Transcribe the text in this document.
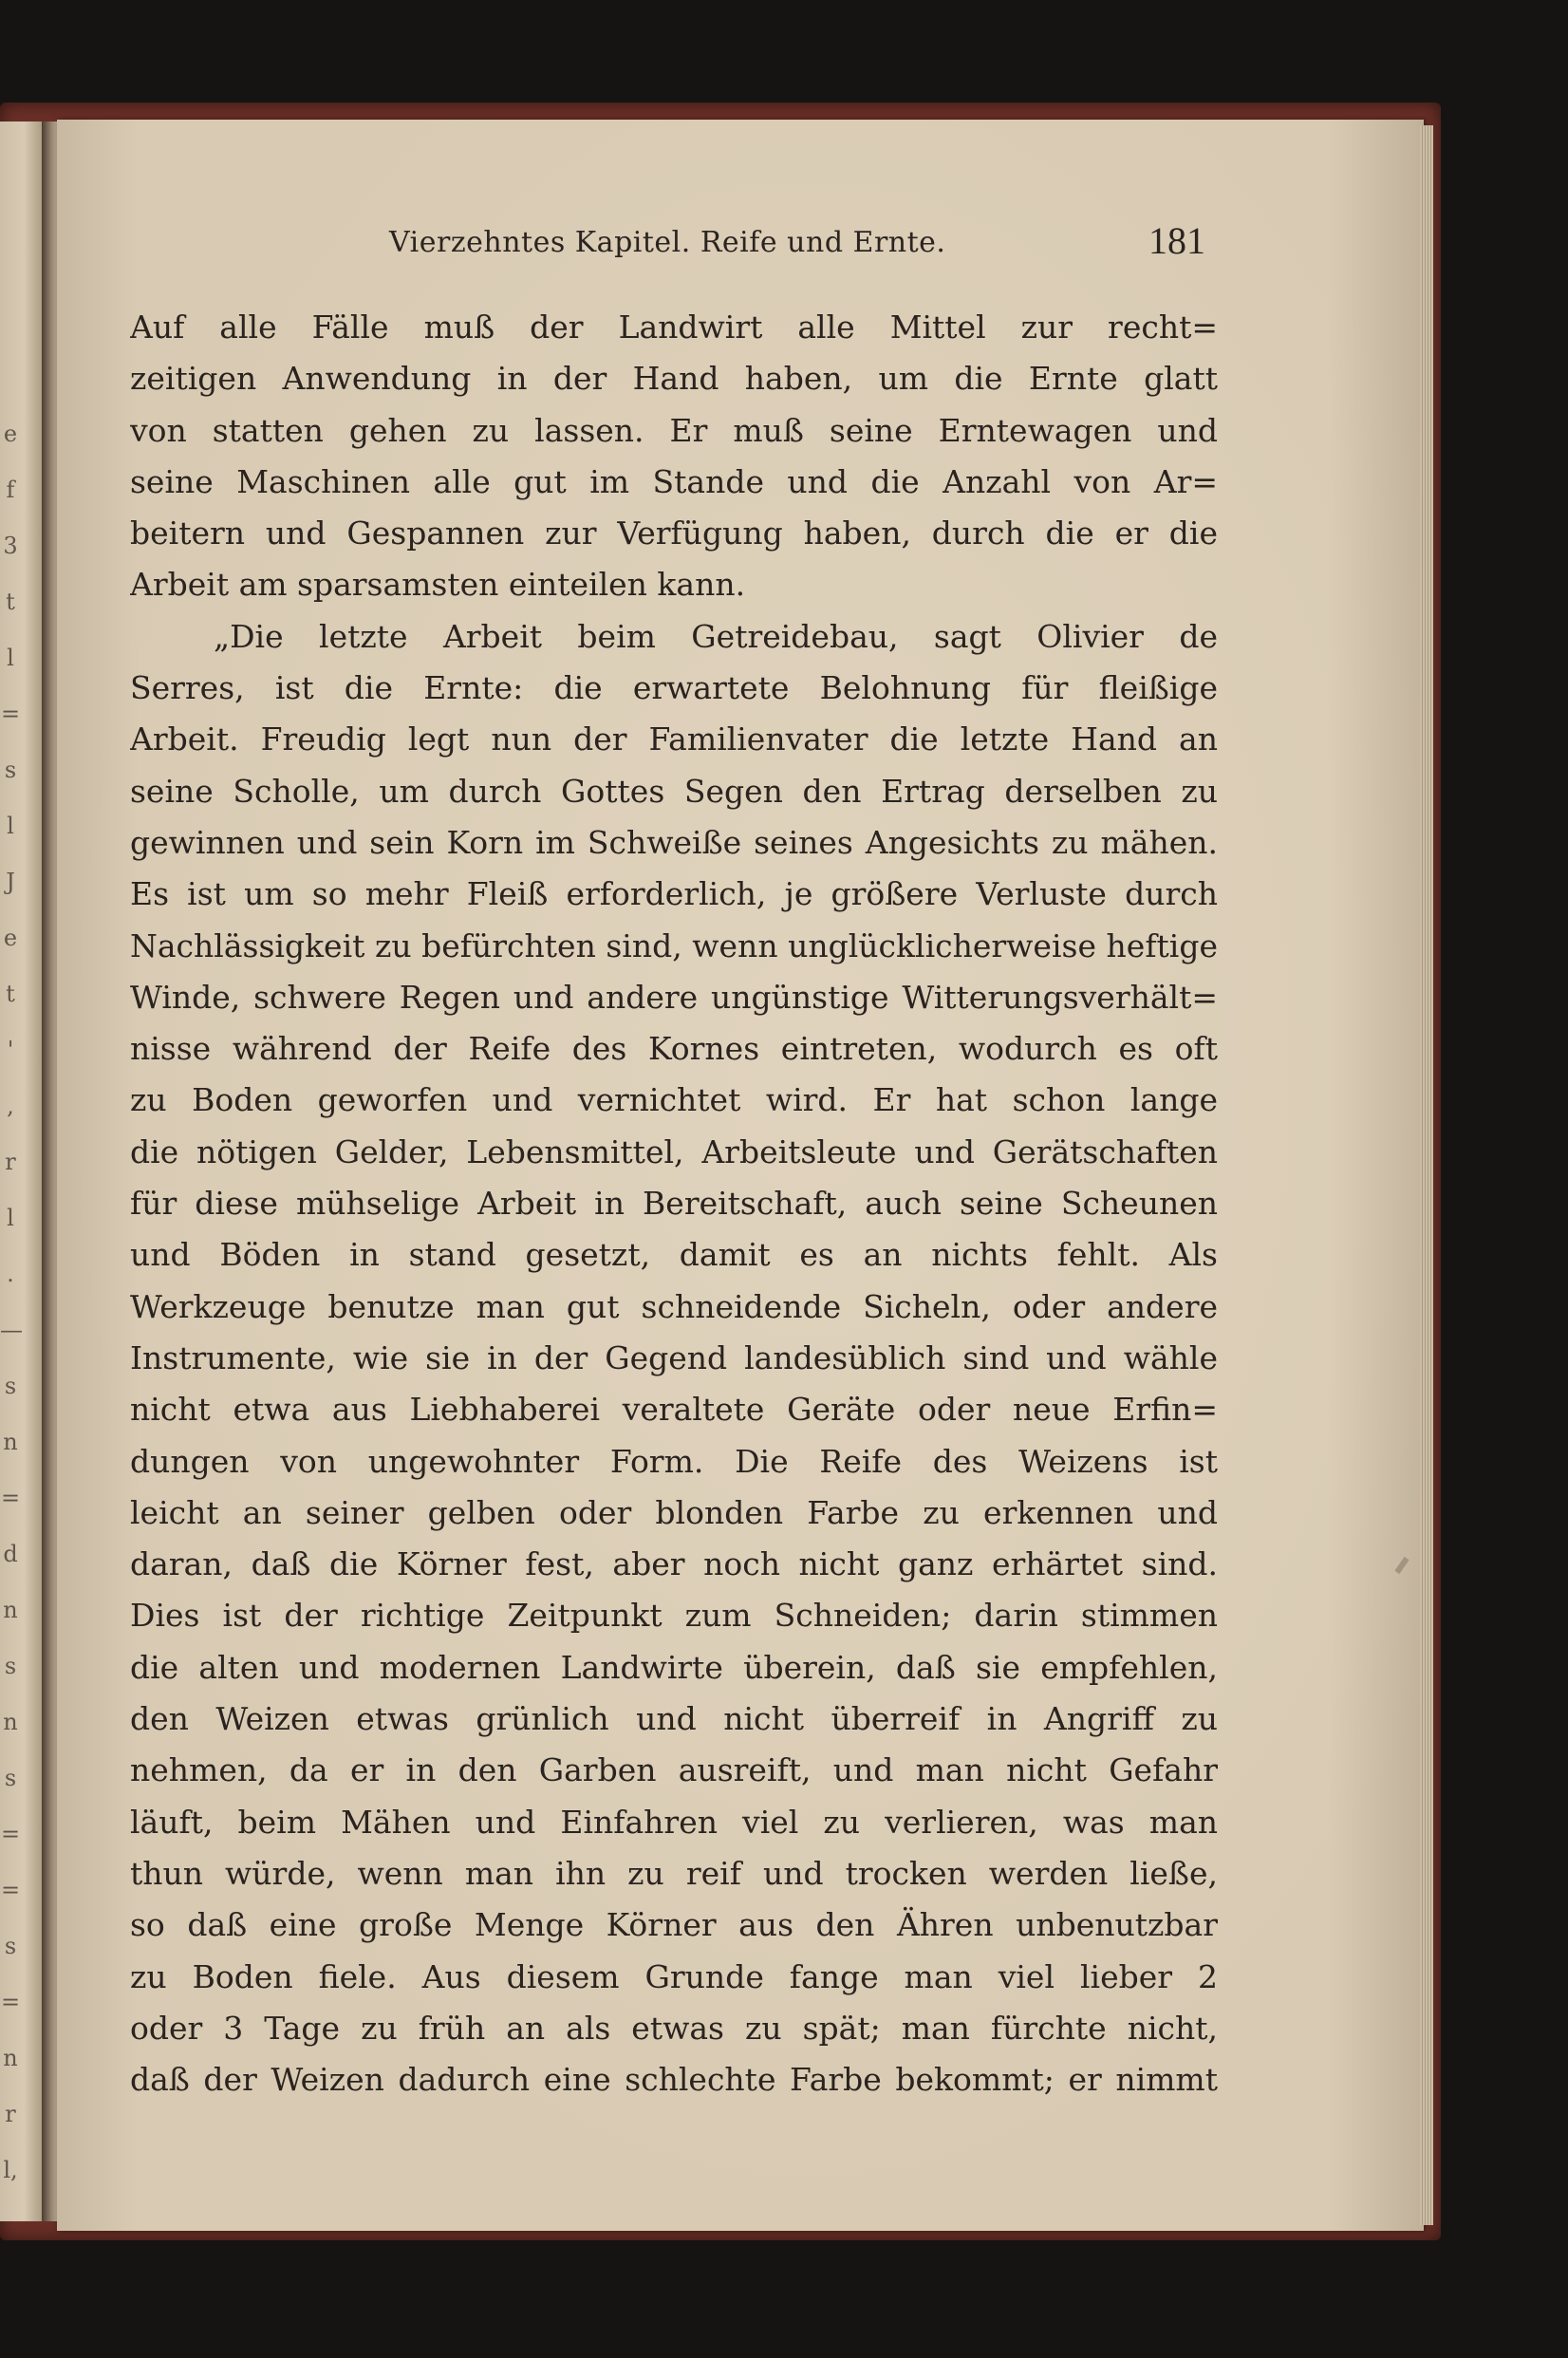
e
f
3
t
l
=
s
l
J
e
t
'
,
r
l
.
—
s
n
=
d
n
s
n
s
=
=
s
=
n
r
l,
Vierzehntes Kapitel. Reife und Ernte.	181
Auf alle Fälle muß der Landwirt alle Mittel zur recht=
zeitigen Anwendung in der Hand haben, um die Ernte glatt
von statten gehen zu lassen. Er muß seine Erntewagen und
seine Maschinen alle gut im Stande und die Anzahl von Ar=
beitern und Gespannen zur Verfügung haben, durch die er die
Arbeit am sparsamsten einteilen kann.
„Die letzte Arbeit beim Getreidebau, sagt Olivier de
Serres, ist die Ernte: die erwartete Belohnung für fleißige
Arbeit. Freudig legt nun der Familienvater die letzte Hand an
seine Scholle, um durch Gottes Segen den Ertrag derselben zu
gewinnen und sein Korn im Schweiße seines Angesichts zu mähen.
Es ist um so mehr Fleiß erforderlich, je größere Verluste durch
Nachlässigkeit zu befürchten sind, wenn unglücklicherweise heftige
Winde, schwere Regen und andere ungünstige Witterungsverhält=
nisse während der Reife des Kornes eintreten, wodurch es oft
zu Boden geworfen und vernichtet wird. Er hat schon lange
die nötigen Gelder, Lebensmittel, Arbeitsleute und Gerätschaften
für diese mühselige Arbeit in Bereitschaft, auch seine Scheunen
und Böden in stand gesetzt, damit es an nichts fehlt. Als
Werkzeuge benutze man gut schneidende Sicheln, oder andere
Instrumente, wie sie in der Gegend landesüblich sind und wähle
nicht etwa aus Liebhaberei veraltete Geräte oder neue Erfin=
dungen von ungewohnter Form. Die Reife des Weizens ist
leicht an seiner gelben oder blonden Farbe zu erkennen und
daran, daß die Körner fest, aber noch nicht ganz erhärtet sind.
Dies ist der richtige Zeitpunkt zum Schneiden; darin stimmen
die alten und modernen Landwirte überein, daß sie empfehlen,
den Weizen etwas grünlich und nicht überreif in Angriff zu
nehmen, da er in den Garben ausreift, und man nicht Gefahr
läuft, beim Mähen und Einfahren viel zu verlieren, was man
thun würde, wenn man ihn zu reif und trocken werden ließe,
so daß eine große Menge Körner aus den Ähren unbenutzbar
zu Boden fiele. Aus diesem Grunde fange man viel lieber 2
oder 3 Tage zu früh an als etwas zu spät; man fürchte nicht,
daß der Weizen dadurch eine schlechte Farbe bekommt; er nimmt
